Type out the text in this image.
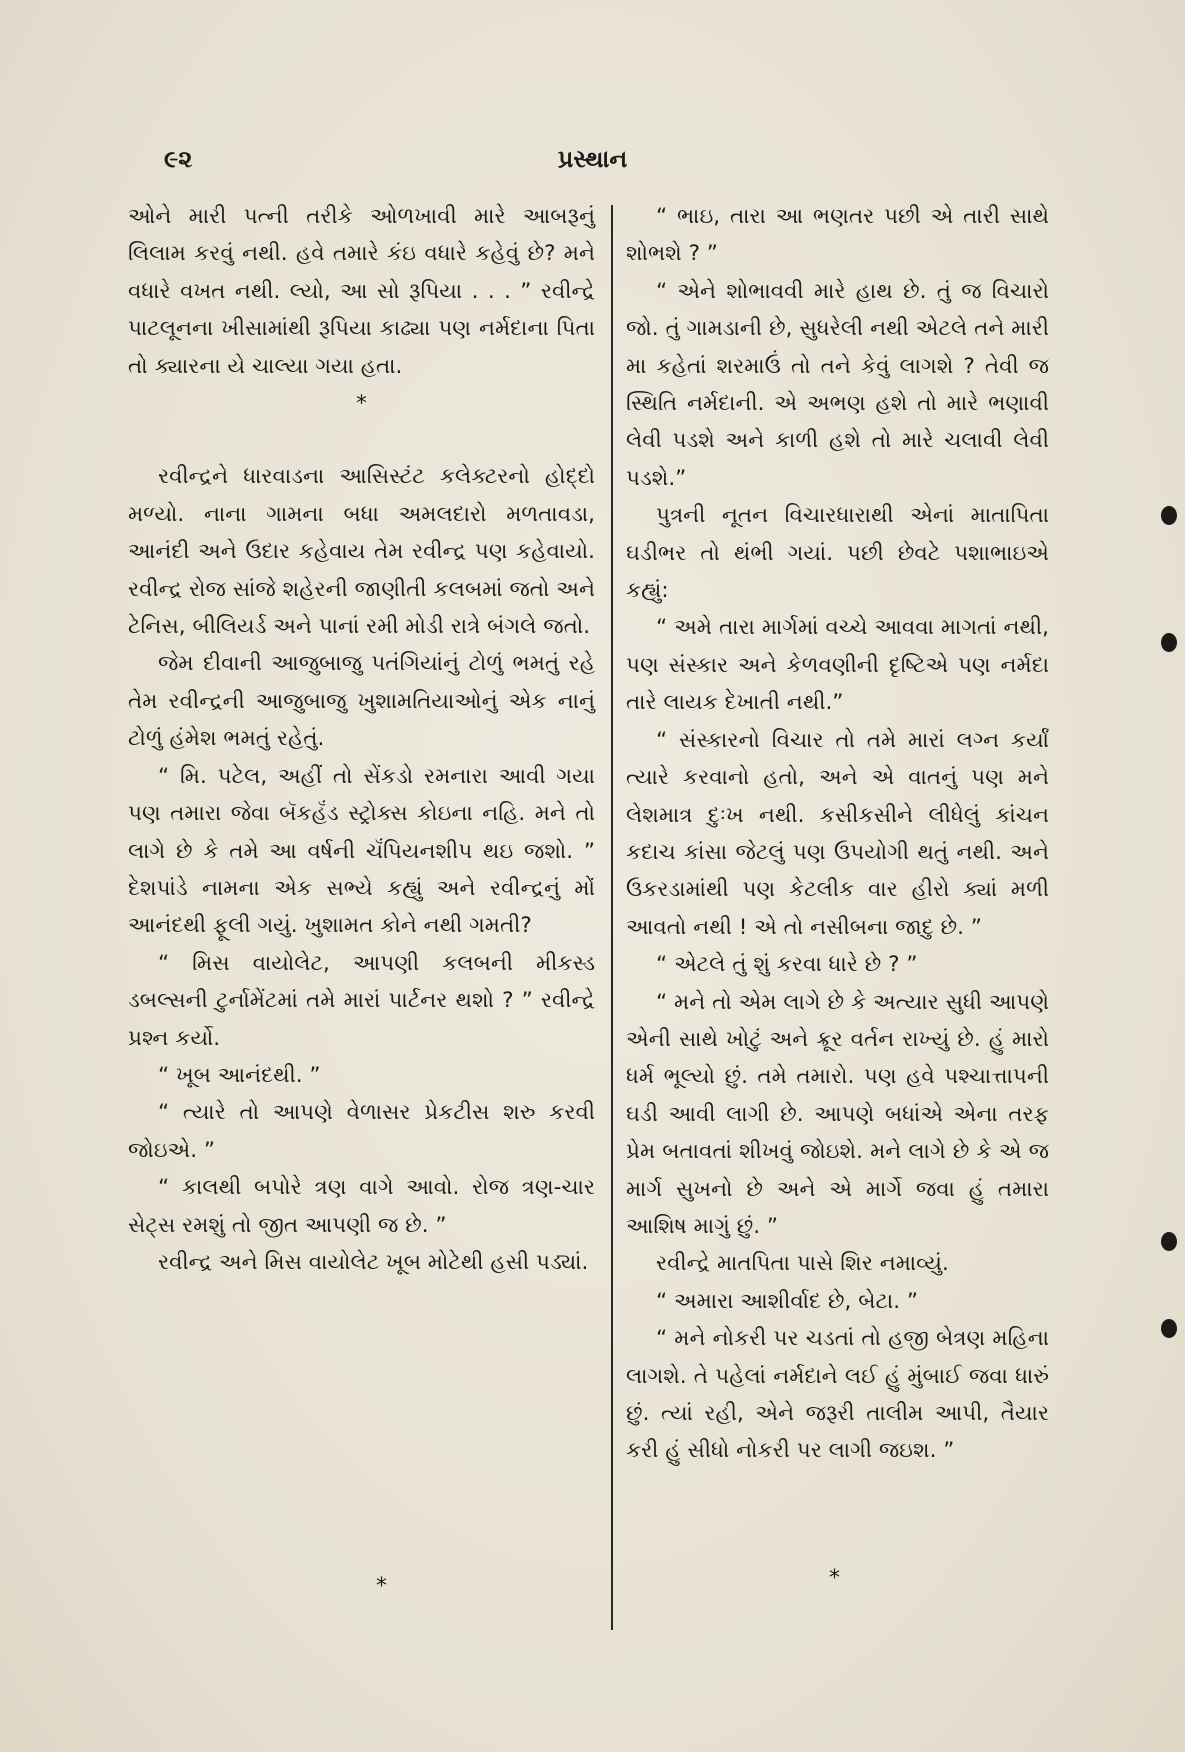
૯૨	પ્રસ્થાન

ઓને મારી પત્ની તરીકે ઓળખાવી મારે આબરૂનું લિલામ કરવું નથી. હવે તમારે કંઇ વધારે કહેવું છે? મને વધારે વખત નથી. લ્યો, આ સો રૂપિયા . . . ” રવીન્દ્રે પાટલૂનના ખીસામાંથી રૂપિયા કાઢ્યા પણ નર્મદાના પિતા તો ક્યારના યે ચાલ્યા ગયા હતા.

*

રવીન્દ્રને ધારવાડના આસિસ્ટંટ કલેક્ટરનો હોદ્દો મળ્યો. નાના ગામના બધા અમલદારો મળતાવડા, આનંદી અને ઉદાર કહેવાય તેમ રવીન્દ્ર પણ કહેવાયો. રવીન્દ્ર રોજ સાંજે શહેરની જાણીતી કલબમાં જતો અને ટેનિસ, બીલિયર્ડ અને પાનાં રમી મોડી રાત્રે બંગલે જતો.

જેમ દીવાની આજુબાજુ પતંગિયાંનું ટોળું ભમતું રહે તેમ રવીન્દ્રની આજુબાજુ ખુશામતિયાઓનું એક નાનું ટોળું હંમેશ ભમતું રહેતું.

“ મિ. પટેલ, અહીં તો સેંકડો રમનારા આવી ગયા પણ તમારા જેવા બૅકહૅંડ સ્ટ્રોક્સ કોઇના નહિ. મને તો લાગે છે કે તમે આ વર્ષની ચૅંપિયનશીપ થઇ જશો. ” દેશપાંડે નામના એક સભ્યે કહ્યું અને રવીન્દ્રનું મોં આનંદથી ફૂલી ગયું. ખુશામત કોને નથી ગમતી?

“ મિસ વાયોલેટ, આપણી કલબની મીકસ્ડ ડબલ્સની ટુર્નામેંટમાં તમે મારાં પાર્ટનર થશો ? ” રવીન્દ્રે પ્રશ્ન કર્યો.

“ ખૂબ આનંદથી. ”

“ ત્યારે તો આપણે વેળાસર પ્રેકટીસ શરુ કરવી જોઇએ. ”

“ કાલથી બપોરે ત્રણ વાગે આવો. રોજ ત્રણ-ચાર સેટ્સ રમશું તો જીત આપણી જ છે. ”

રવીન્દ્ર અને મિસ વાયોલેટ ખૂબ મોટેથી હસી પડ્યાં.

“ ભાઇ, તારા આ ભણતર પછી એ તારી સાથે શોભશે ? ”

“ એને શોભાવવી મારે હાથ છે. તું જ વિચારો જો. તું ગામડાની છે, સુધરેલી નથી એટલે તને મારી મા કહેતાં શરમાઉં તો તને કેવું લાગશે ? તેવી જ સ્થિતિ નર્મદાની. એ અભણ હશે તો મારે ભણાવી લેવી પડશે અને કાળી હશે તો મારે ચલાવી લેવી પડશે.”

પુત્રની નૂતન વિચારધારાથી એનાં માતાપિતા ઘડીભર તો થંભી ગયાં. પછી છેવટે પશાભાઇએ કહ્યું:

“ અમે તારા માર્ગમાં વચ્ચે આવવા માગતાં નથી, પણ સંસ્કાર અને કેળવણીની દૃષ્ટિએ પણ નર્મદા તારે લાયક દેખાતી નથી.”

“ સંસ્કારનો વિચાર તો તમે મારાં લગ્ન કર્યાં ત્યારે કરવાનો હતો, અને એ વાતનું પણ મને લેશમાત્ર દુઃખ નથી. કસીકસીને લીધેલું કાંચન કદાચ કાંસા જેટલું પણ ઉપયોગી થતું નથી. અને ઉકરડામાંથી પણ કેટલીક વાર હીરો ક્યાં મળી આવતો નથી ! એ તો નસીબના જાદુ છે. ”

“ એટલે તું શું કરવા ધારે છે ? ”

“ મને તો એમ લાગે છે કે અત્યાર સુધી આપણે એની સાથે ખોટું અને ક્રૂર વર્તન રાખ્યું છે. હું મારો ધર્મ ભૂલ્યો છું. તમે તમારો. પણ હવે પશ્ચાત્તાપની ઘડી આવી લાગી છે. આપણે બધાંએ એના તરફ પ્રેમ બતાવતાં શીખવું જોઇશે. મને લાગે છે કે એ જ માર્ગ સુખનો છે અને એ માર્ગે જવા હું તમારા આશિષ માગું છું. ”

રવીન્દ્રે માતપિતા પાસે શિર નમાવ્યું.

“ અમારા આશીર્વાદ છે, બેટા. ”

“ મને નોકરી પર ચડતાં તો હજી બેત્રણ મહિના લાગશે. તે પહેલાં નર્મદાને લઈ હું મુંબાઈ જવા ધારું છું. ત્યાં રહી, એને જરૂરી તાલીમ આપી, તૈયાર કરી હું સીધો નોકરી પર લાગી જઇશ. ”

*	*
